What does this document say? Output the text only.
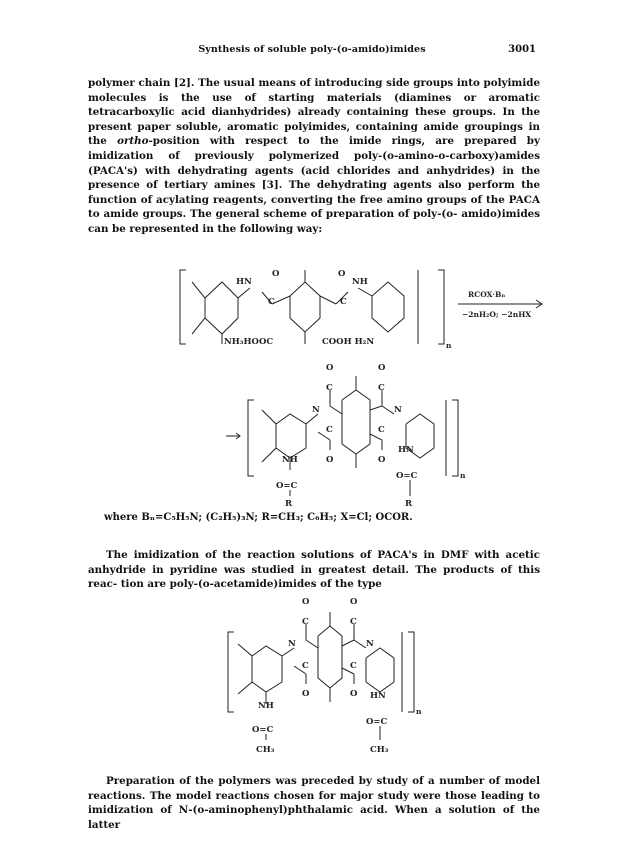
Synthesis of soluble poly-(o-amido)imides	3001
polymer chain [2]. The usual means of introducing side groups into polyimide molecules is the use of starting materials (diamines or aromatic tetracarboxylic acid dianhydrides) already containing these groups. In the present paper soluble, aromatic polyimides, containing amide groupings in the ortho-position with respect to the imide rings, are prepared by imidization of previously polymerized poly-(o-amino-o-carboxy)amides (PACA's) with dehydrating agents (acid chlorides and anhydrides) in the presence of tertiary amines [3]. The dehydrating agents also perform the function of acylating reagents, converting the free amino groups of the PACA to amide groups. The general scheme of preparation of poly-(o- amido)imides can be represented in the following way:
HN
O
C
O
C
NH
NH₃HOOC	COOH H₂N	n
RCOX·Bₙ
−2nH₂O; −2nHX
O	O
C	C
N	N
C	C
O	O
NH
HN
O=C
O=C
R	R
n
where Bₙ=C₅H₅N; (C₂H₅)₃N; R=CH₃; C₆H₅; X=Cl; OCOR.
The imidization of the reaction solutions of PACA's in DMF with acetic anhydride in pyridine was studied in greatest detail. The products of this reac- tion are poly-(o-acetamide)imides of the type
O	O
C	C
N	N
C	C
O	O
NH
HN
O=C
O=C
CH₃	CH₃
n
Preparation of the polymers was preceded by study of a number of model reactions. The model reactions chosen for major study were those leading to imidization of N-(o-aminophenyl)phthalamic acid. When a solution of the latter
